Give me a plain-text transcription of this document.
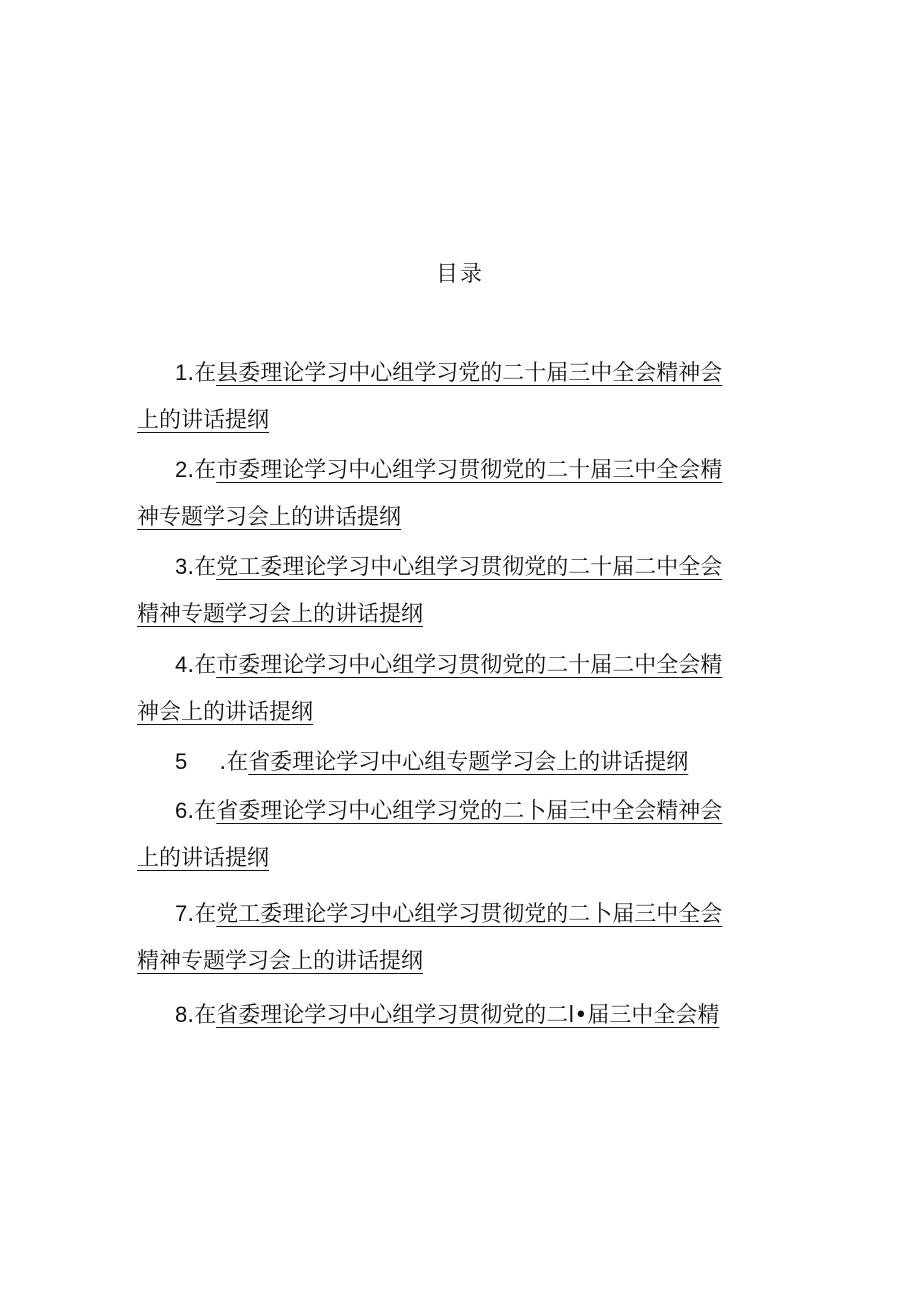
目录
1.在县委理论学习中心组学习党的二十届三中全会精神会
上的讲话提纲
2.在市委理论学习中心组学习贯彻党的二十届三中全会精
神专题学习会上的讲话提纲
3.在党工委理论学习中心组学习贯彻党的二十届二中全会
精神专题学习会上的讲话提纲
4.在市委理论学习中心组学习贯彻党的二十届二中全会精
神会上的讲话提纲
5 .在省委理论学习中心组专题学习会上的讲话提纲
6.在省委理论学习中心组学习党的二卜届三中全会精神会
上的讲话提纲
7.在党工委理论学习中心组学习贯彻党的二卜届三中全会
精神专题学习会上的讲话提纲
8.在省委理论学习中心组学习贯彻党的二l•届三中全会精
